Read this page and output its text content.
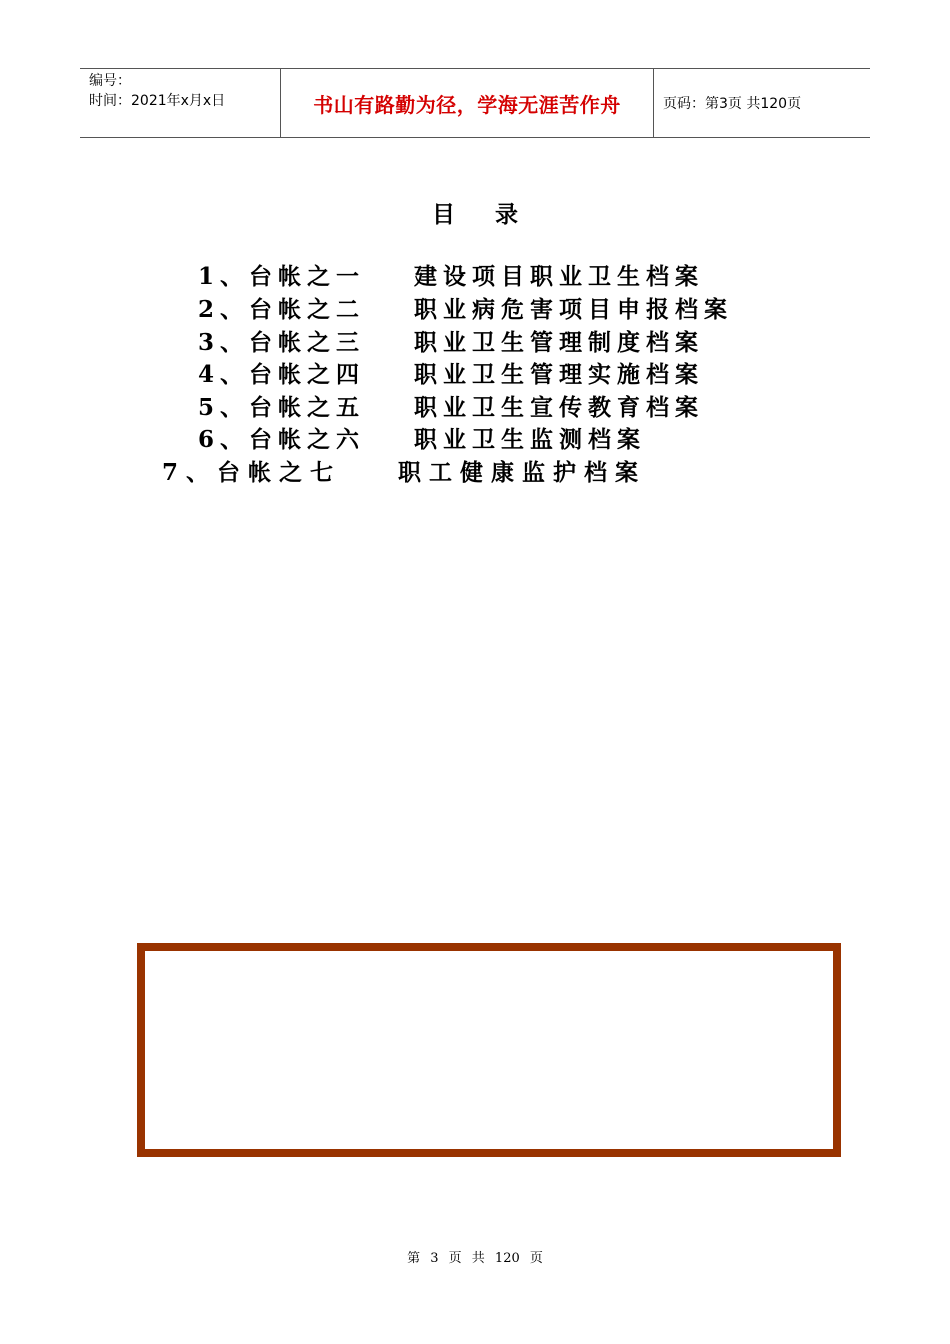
编号：
时间：2021年x月x日	书山有路勤为径，学海无涯苦作舟	页码：第3页 共120页
目 录
1、台帐之一 建设项目职业卫生档案
2、台帐之二 职业病危害项目申报档案
3、台帐之三 职业卫生管理制度档案
4、台帐之四 职业卫生管理实施档案
5、台帐之五 职业卫生宣传教育档案
6、台帐之六 职业卫生监测档案
7、台帐之七 职工健康监护档案
第 3 页 共 120 页
